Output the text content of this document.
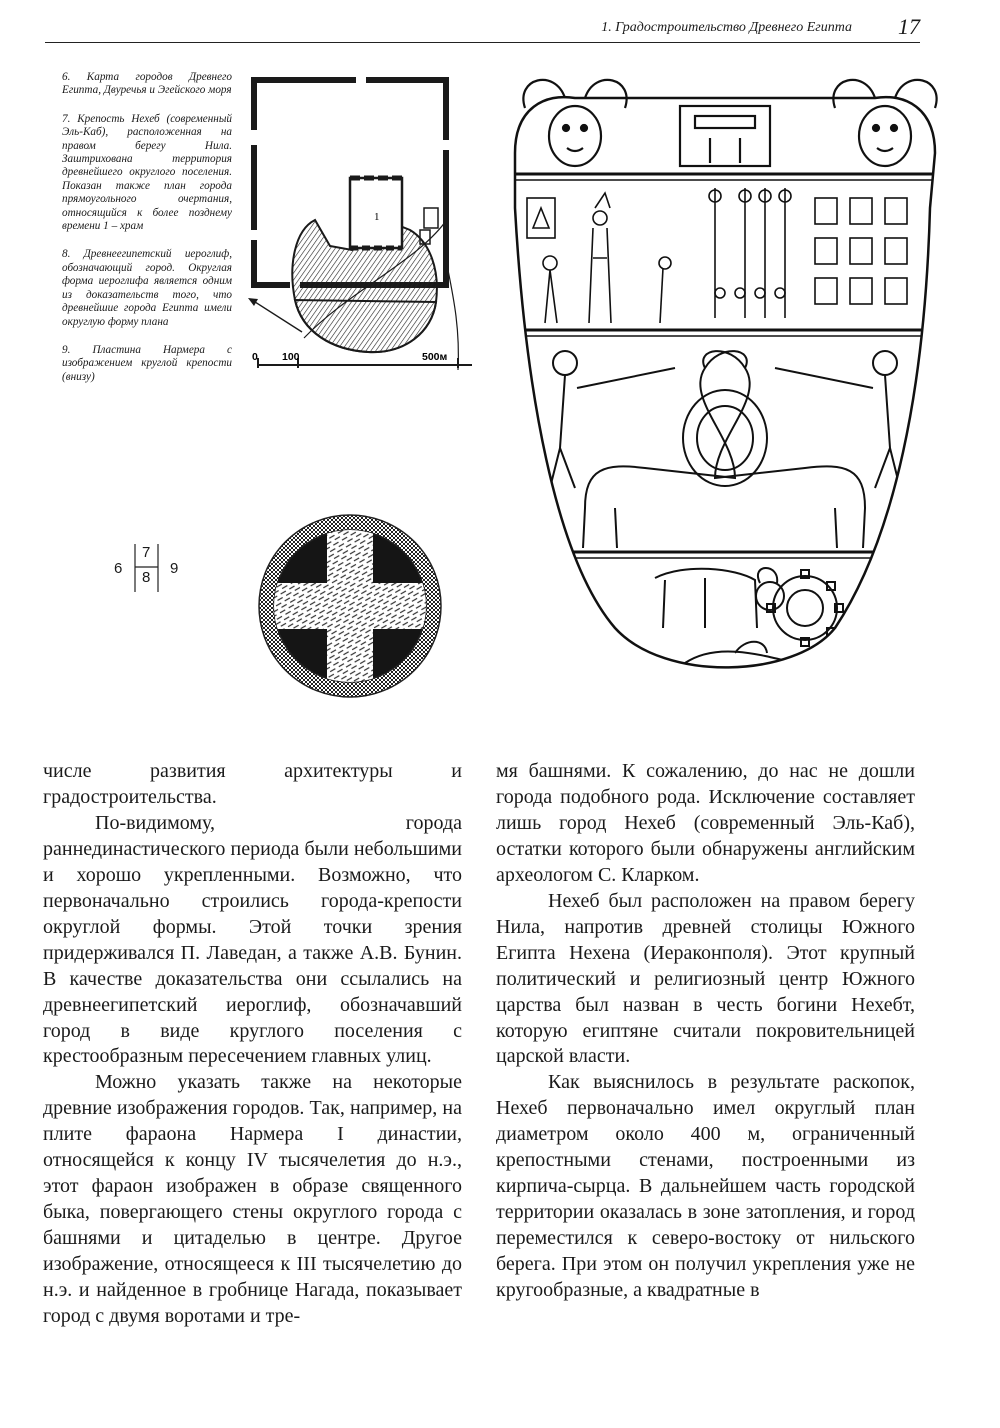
1. Градостроительство Древнего Египта 17

6. Карта городов Древнего Египта, Двуречья и Эгейского моря

7. Крепость Нехеб (современный Эль-Каб), расположенная на правом берегу Нила. Заштрихована территория древнейшего округлого поселения. Показан также план города прямоугольного очертания, относящийся к более позднему времени 1 – храм

8. Древнеегипетский иероглиф, обозначающий город. Округлая форма иероглифа является одним из доказательств того, что древнейшие города Египта имели округлую форму плана

9. Пластина Нармера с изображением круглой крепости (внизу)

6
7
8
9
1
0 100	500м

числе развития архитектуры и градостроительства.

По-видимому, города раннединастического периода были небольшими и хорошо укрепленными. Возможно, что первоначально строились города-крепости округлой формы. Этой точки зрения придерживался П. Лаведан, а также А.В. Бунин. В качестве доказательства они ссылались на древнеегипетский иероглиф, обозначавший город в виде круглого поселения с крестообразным пересечением главных улиц.

Можно указать также на некоторые древние изображения городов. Так, например, на плите фараона Нармера I династии, относящейся к концу IV тысячелетия до н.э., этот фараон изображен в образе священного быка, повергающего стены округлого города с башнями и цитаделью в центре. Другое изображение, относящееся к III тысячелетию до н.э. и найденное в гробнице Нагада, показывает город с двумя воротами и тре-

мя башнями. К сожалению, до нас не дошли города подобного рода. Исключение составляет лишь город Нехеб (современный Эль-Каб), остатки которого были обнаружены английским археологом С. Кларком.

Нехеб был расположен на правом берегу Нила, напротив древней столицы Южного Египта Нехена (Иераконполя). Этот крупный политический и религиозный центр Южного царства был назван в честь богини Нехебт, которую египтяне считали покровительницей царской власти.

Как выяснилось в результате раскопок, Нехеб первоначально имел округлый план диаметром около 400 м, ограниченный крепостными стенами, построенными из кирпича-сырца. В дальнейшем часть городской территории оказалась в зоне затопления, и город переместился к северо-востоку от нильского берега. При этом он получил укрепления уже не кругообразные, а квадратные в
